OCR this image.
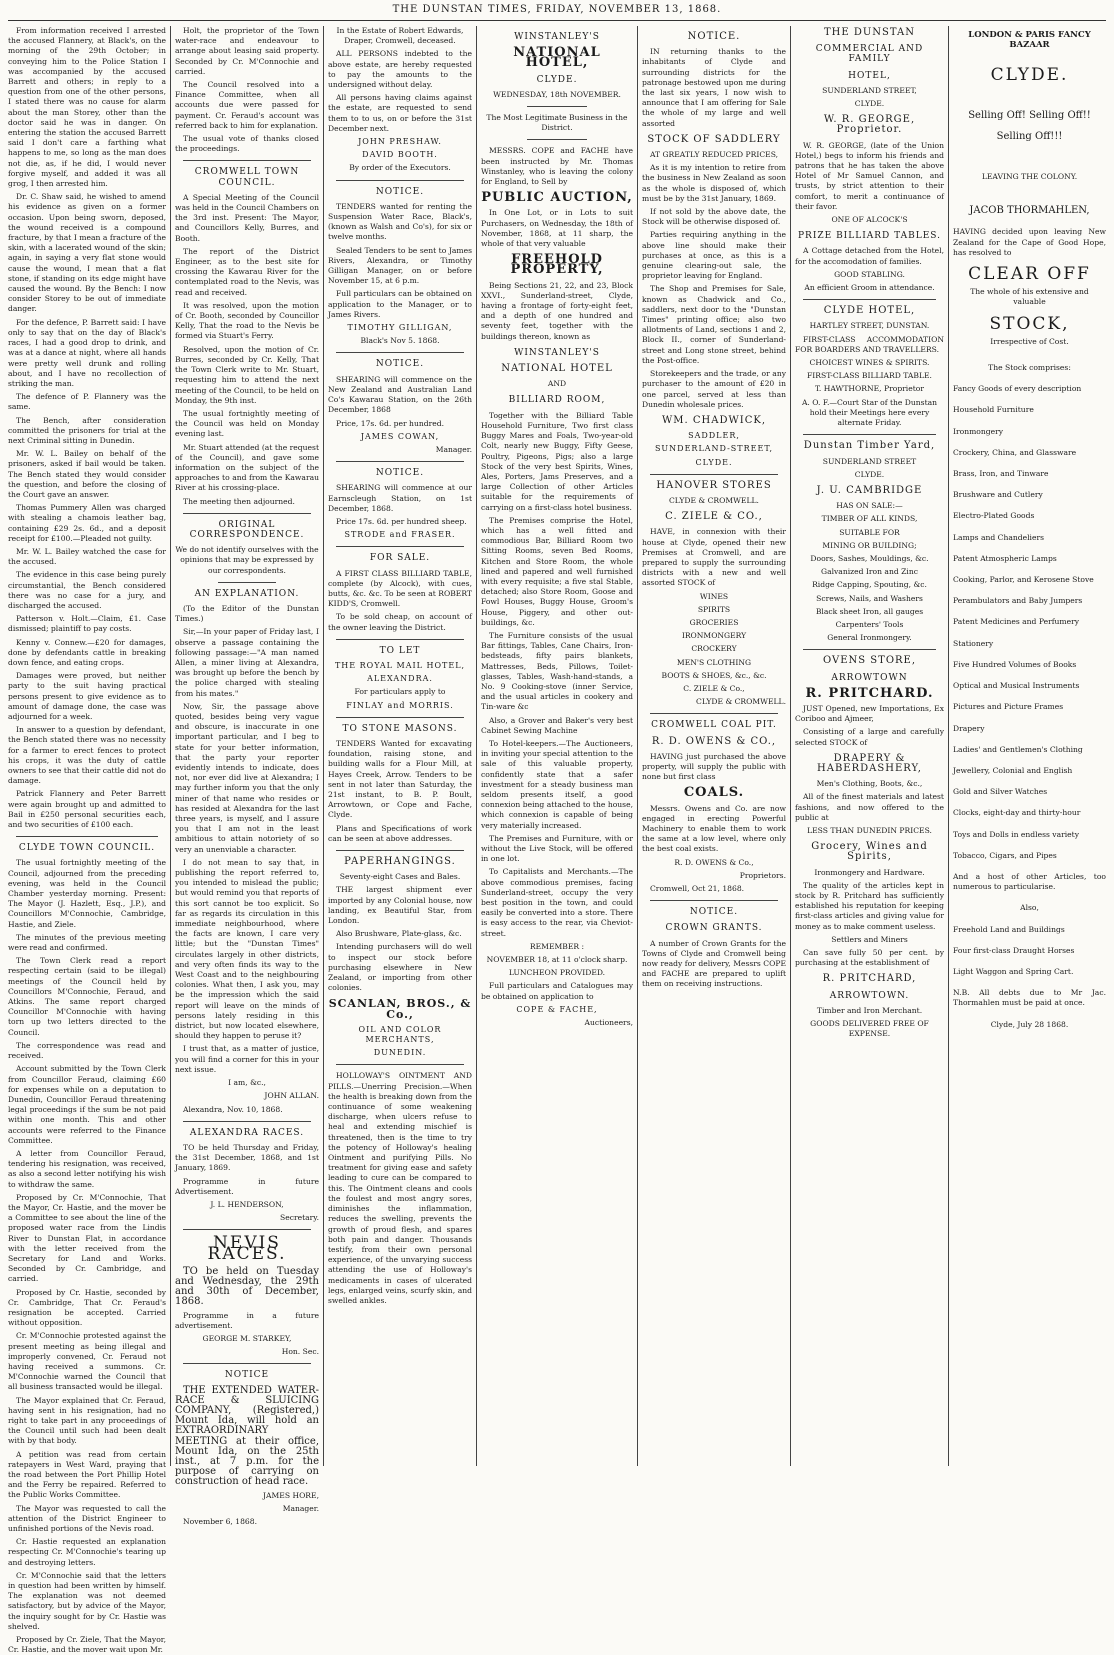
THE DUNSTAN TIMES, FRIDAY, NOVEMBER 13, 1868.

From information received I arrested the accused Flannery, at Black's, on the morning of the 29th October; in conveying him to the Police Station I was accompanied by the accused Barrett and others; in reply to a question from one of the other persons, I stated there was no cause for alarm about the man Storey, other than the doctor said he was in danger. On entering the station the accused Barrett said I don't care a farthing what happens to me, so long as the man does not die, as, if he did, I would never forgive myself, and added it was all grog, I then arrested him.

Dr. C. Shaw said, he wished to amend his evidence as given on a former occasion. Upon being sworn, deposed, the wound received is a compound fracture, by that I mean a fracture of the skin, with a lacerated wound of the skin; again, in saying a very flat stone would cause the wound, I mean that a flat stone, if standing on its edge might have caused the wound. By the Bench: I now consider Storey to be out of immediate danger.

For the defence, P. Barrett said: I have only to say that on the day of Black's races, I had a good drop to drink, and was at a dance at night, where all hands were pretty well drunk and rolling about, and I have no recollection of striking the man.

The defence of P. Flannery was the same.

The Bench, after consideration committed the prisoners for trial at the next Criminal sitting in Dunedin.

Mr. W. L. Bailey on behalf of the prisoners, asked if bail would be taken. The Bench stated they would consider the question, and before the closing of the Court gave an answer.

Thomas Pummery Allen was charged with stealing a chamois leather bag, containing £29 2s. 6d., and a deposit receipt for £100.—Pleaded not guilty.

Mr. W. L. Bailey watched the case for the accused.

The evidence in this case being purely circumstantial, the Bench considered there was no case for a jury, and discharged the accused.

Patterson v. Holt.—Claim, £1. Case dismissed; plaintiff to pay costs.

Kenny v. Connew.—£20 for damages, done by defendants cattle in breaking down fence, and eating crops.

Damages were proved, but neither party to the suit having practical persons present to give evidence as to amount of damage done, the case was adjourned for a week.

In answer to a question by defendant, the Bench stated there was no necessity for a farmer to erect fences to protect his crops, it was the duty of cattle owners to see that their cattle did not do damage.

Patrick Flannery and Peter Barrett were again brought up and admitted to Bail in £250 personal securities each, and two securities of £100 each.

CLYDE TOWN COUNCIL.

The usual fortnightly meeting of the Council, adjourned from the preceding evening, was held in the Council Chamber yesterday morning. Present: The Mayor (J. Hazlett, Esq., J.P.), and Councillors M'Connochie, Cambridge, Hastie, and Ziele.

The minutes of the previous meeting were read and confirmed.

The Town Clerk read a report respecting certain (said to be illegal) meetings of the Council held by Councillors M'Connochie, Feraud, and Atkins. The same report charged Councillor M'Connochie with having torn up two letters directed to the Council.

The correspondence was read and received.

Account submitted by the Town Clerk from Councillor Feraud, claiming £60 for expenses while on a deputation to Dunedin, Councillor Feraud threatening legal proceedings if the sum be not paid within one month. This and other accounts were referred to the Finance Committee.

A letter from Councillor Feraud, tendering his resignation, was received, as also a second letter notifying his wish to withdraw the same.

Proposed by Cr. M'Connochie, That the Mayor, Cr. Hastie, and the mover be a Committee to see about the line of the proposed water race from the Lindis River to Dunstan Flat, in accordance with the letter received from the Secretary for Land and Works. Seconded by Cr. Cambridge, and carried.

Proposed by Cr. Hastie, seconded by Cr. Cambridge, That Cr. Feraud's resignation be accepted. Carried without opposition.

Cr. M'Connochie protested against the present meeting as being illegal and improperly convened, Cr. Feraud not having received a summons. Cr. M'Connochie warned the Council that all business transacted would be illegal.

The Mayor explained that Cr. Feraud, having sent in his resignation, had no right to take part in any proceedings of the Council until such had been dealt with by that body.

A petition was read from certain ratepayers in West Ward, praying that the road between the Port Phillip Hotel and the Ferry be repaired. Referred to the Public Works Committee.

The Mayor was requested to call the attention of the District Engineer to unfinished portions of the Nevis road.

Cr. Hastie requested an explanation respecting Cr. M'Connochie's tearing up and destroying letters.

Cr. M'Connochie said that the letters in question had been written by himself. The explanation was not deemed satisfactory, but by advice of the Mayor, the inquiry sought for by Cr. Hastie was shelved.

Proposed by Cr. Ziele, That the Mayor, Cr. Hastie, and the mover wait upon Mr.

Holt, the proprietor of the Town water-race and endeavour to arrange about leasing said property. Seconded by Cr. M'Connochie and carried.

The Council resolved into a Finance Committee, when all accounts due were passed for payment. Cr. Feraud's account was referred back to him for explanation.

The usual vote of thanks closed the proceedings.

CROMWELL TOWN COUNCIL.

A Special Meeting of the Council was held in the Council Chambers on the 3rd inst. Present: The Mayor, and Councillors Kelly, Burres, and Booth.

The report of the District Engineer, as to the best site for crossing the Kawarau River for the contemplated road to the Nevis, was read and received.

It was resolved, upon the motion of Cr. Booth, seconded by Councillor Kelly, That the road to the Nevis be formed via Stuart's Ferry.

Resolved, upon the motion of Cr. Burres, seconded by Cr. Kelly, That the Town Clerk write to Mr. Stuart, requesting him to attend the next meeting of the Council, to be held on Monday, the 9th inst.

The usual fortnightly meeting of the Council was held on Monday evening last.

Mr. Stuart attended (at the request of the Council), and gave some information on the subject of the approaches to and from the Kawarau River at his crossing-place.

The meeting then adjourned.

ORIGINAL CORRESPONDENCE.

We do not identify ourselves with the opinions that may be expressed by our correspondents.

AN EXPLANATION.

(To the Editor of the Dunstan Times.)

Sir,—In your paper of Friday last, I observe a passage containing the following passage:—"A man named Allen, a miner living at Alexandra, was brought up before the bench by the police charged with stealing from his mates."

Now, Sir, the passage above quoted, besides being very vague and obscure, is inaccurate in one important particular, and I beg to state for your better information, that the party your reporter evidently intends to indicate, does not, nor ever did live at Alexandra; I may further inform you that the only miner of that name who resides or has resided at Alexandra for the last three years, is myself, and I assure you that I am not in the least ambitious to attain notoriety of so very an unenviable a character.

I do not mean to say that, in publishing the report referred to, you intended to mislead the public; but would remind you that reports of this sort cannot be too explicit. So far as regards its circulation in this immediate neighbourhood, where the facts are known, I care very little; but the "Dunstan Times" circulates largely in other districts, and very often finds its way to the West Coast and to the neighbouring colonies. What then, I ask you, may be the impression which the said report will leave on the minds of persons lately residing in this district, but now located elsewhere, should they happen to peruse it?

I trust that, as a matter of justice, you will find a corner for this in your next issue.

I am, &c.,

JOHN ALLAN.

Alexandra, Nov. 10, 1868.

ALEXANDRA RACES.

TO be held Thursday and Friday, the 31st December, 1868, and 1st January, 1869.

Programme in future Advertisement.

J. L. HENDERSON,

Secretary.

NEVIS RACES.

TO be held on Tuesday and Wednesday, the 29th and 30th of December, 1868.

Programme in a future advertisement.

GEORGE M. STARKEY,

Hon. Sec.

NOTICE

THE EXTENDED WATER-RACE & SLUICING COMPANY, (Registered,) Mount Ida, will hold an EXTRAORDINARY MEETING at their office, Mount Ida, on the 25th inst., at 7 p.m. for the purpose of carrying on construction of head race.

JAMES HORE,

Manager.

November 6, 1868.

In the Estate of Robert Edwards, Draper, Cromwell, deceased.

ALL PERSONS indebted to the above estate, are hereby requested to pay the amounts to the undersigned without delay.

All persons having claims against the estate, are requested to send them to to us, on or before the 31st December next.

JOHN PRESHAW.

DAVID BOOTH.

By order of the Executors.

NOTICE.

TENDERS wanted for renting the Suspension Water Race, Black's, (known as Walsh and Co's), for six or twelve months.

Sealed Tenders to be sent to James Rivers, Alexandra, or Timothy Gilligan Manager, on or before November 15, at 6 p.m.

Full particulars can be obtained on application to the Manager, or to James Rivers.

TIMOTHY GILLIGAN,

Black's Nov 5. 1868.

NOTICE.

SHEARING will commence on the New Zealand and Australian Land Co's Kawarau Station, on the 26th December, 1868

Price, 17s. 6d. per hundred.

JAMES COWAN,

Manager.

NOTICE.

SHEARING will commence at our Earnscleugh Station, on 1st December, 1868.

Price 17s. 6d. per hundred sheep.

STRODE and FRASER.

FOR SALE.

A FIRST CLASS BILLIARD TABLE, complete (by Alcock), with cues, butts, &c. &c. To be seen at ROBERT KIDD'S, Cromwell.

To be sold cheap, on account of the owner leaving the District.

TO LET

THE ROYAL MAIL HOTEL,

ALEXANDRA.

For particulars apply to

FINLAY and MORRIS.

TO STONE MASONS.

TENDERS Wanted for excavating foundation, raising stone, and building walls for a Flour Mill, at Hayes Creek, Arrow. Tenders to be sent in not later than Saturday, the 21st instant, to B. P. Boult, Arrowtown, or Cope and Fache, Clyde.

Plans and Specifications of work can be seen at above addresses.

PAPERHANGINGS.

Seventy-eight Cases and Bales.

THE largest shipment ever imported by any Colonial house, now landing, ex Beautiful Star, from London.

Also Brushware, Plate-glass, &c.

Intending purchasers will do well to inspect our stock before purchasing elsewhere in New Zealand, or importing from other colonies.

SCANLAN, BROS., & Co.,

OIL AND COLOR MERCHANTS,

DUNEDIN.

HOLLOWAY'S OINTMENT AND PILLS.—Unerring Precision.—When the health is breaking down from the continuance of some weakening discharge, when ulcers refuse to heal and extending mischief is threatened, then is the time to try the potency of Holloway's healing Ointment and purifying Pills. No treatment for giving ease and safety leading to cure can be compared to this. The Ointment cleans and cools the foulest and most angry sores, diminishes the inflammation, reduces the swelling, prevents the growth of proud flesh, and spares both pain and danger. Thousands testify, from their own personal experience, of the unvarying success attending the use of Holloway's medicaments in cases of ulcerated legs, enlarged veins, scurfy skin, and swelled ankles.

WINSTANLEY'S

NATIONAL HOTEL,

CLYDE.

WEDNESDAY, 18th NOVEMBER.

The Most Legitimate Business in the District.

MESSRS. COPE and FACHE have been instructed by Mr. Thomas Winstanley, who is leaving the colony for England, to Sell by

PUBLIC AUCTION,

In One Lot, or in Lots to suit Purchasers, on Wednesday, the 18th of November, 1868, at 11 sharp, the whole of that very valuable

FREEHOLD PROPERTY,

Being Sections 21, 22, and 23, Block XXVI., Sunderland-street, Clyde, having a frontage of forty-eight feet, and a depth of one hundred and seventy feet, together with the buildings thereon, known as

WINSTANLEY'S

NATIONAL HOTEL

AND

BILLIARD ROOM,

Together with the Billiard Table Household Furniture, Two first class Buggy Mares and Foals, Two-year-old Colt, nearly new Buggy, Fifty Geese, Poultry, Pigeons, Pigs; also a large Stock of the very best Spirits, Wines, Ales, Porters, Jams Preserves, and a large Collection of other Articles suitable for the requirements of carrying on a first-class hotel business.

The Premises comprise the Hotel, which has a well fitted and commodious Bar, Billiard Room two Sitting Rooms, seven Bed Rooms, Kitchen and Store Room, the whole lined and papered and well furnished with every requisite; a five stal Stable, detached; also Store Room, Goose and Fowl Houses, Buggy House, Groom's House, Piggery, and other out-buildings, &c.

The Furniture consists of the usual Bar fittings, Tables, Cane Chairs, Iron-bedsteads, fifty pairs blankets, Mattresses, Beds, Pillows, Toilet-glasses, Tables, Wash-hand-stands, a No. 9 Cooking-stove (inner Service, and the usual articles in cookery and Tin-ware &c

Also, a Grover and Baker's very best Cabinet Sewing Machine

To Hotel-keepers.—The Auctioneers, in inviting your special attention to the sale of this valuable property, confidently state that a safer investment for a steady business man seldom presents itself, a good connexion being attached to the house, which connexion is capable of being very materially increased.

The Premises and Furniture, with or without the Live Stock, will be offered in one lot.

To Capitalists and Merchants.—The above commodious premises, facing Sunderland-street, occupy the very best position in the town, and could easily be converted into a store. There is easy access to the rear, via Cheviot-street.

REMEMBER :

NOVEMBER 18, at 11 o'clock sharp.

LUNCHEON PROVIDED.

Full particulars and Catalogues may be obtained on application to

COPE & FACHE,

Auctioneers,

NOTICE.

IN returning thanks to the inhabitants of Clyde and surrounding districts for the patronage bestowed upon me during the last six years, I now wish to announce that I am offering for Sale the whole of my large and well assorted

STOCK OF SADDLERY

AT GREATLY REDUCED PRICES,

As it is my intention to retire from the business in New Zealand as soon as the whole is disposed of, which must be by the 31st January, 1869.

If not sold by the above date, the Stock will be otherwise disposed of.

Parties requiring anything in the above line should make their purchases at once, as this is a genuine clearing-out sale, the proprietor leaving for England.

The Shop and Premises for Sale, known as Chadwick and Co., saddlers, next door to the "Dunstan Times" printing office; also two allotments of Land, sections 1 and 2, Block II., corner of Sunderland-street and Long stone street, behind the Post-office.

Storekeepers and the trade, or any purchaser to the amount of £20 in one parcel, served at less than Dunedin wholesale prices.

WM. CHADWICK,

SADDLER,

SUNDERLAND-STREET,

CLYDE.

HANOVER STORES

CLYDE & CROMWELL.

C. ZIELE & CO.,

HAVE, in connexion with their house at Clyde, opened their new Premises at Cromwell, and are prepared to supply the surrounding districts with a new and well assorted STOCK of

WINES

SPIRITS

GROCERIES

IRONMONGERY

CROCKERY

MEN'S CLOTHING

BOOTS & SHOES, &c., &c.

C. ZIELE & Co.,

CLYDE & CROMWELL.

CROMWELL COAL PIT.

R. D. OWENS & CO.,

HAVING just purchased the above property, will supply the public with none but first class

COALS.

Messrs. Owens and Co. are now engaged in erecting Powerful Machinery to enable them to work the same at a low level, where only the best coal exists.

R. D. OWENS & Co.,

Proprietors.

Cromwell, Oct 21, 1868.

NOTICE.

CROWN GRANTS.

A number of Crown Grants for the Towns of Clyde and Cromwell being now ready for delivery, Messrs COPE and FACHE are prepared to uplift them on receiving instructions.

THE DUNSTAN

COMMERCIAL AND FAMILY

HOTEL,

SUNDERLAND STREET,

CLYDE.

W. R. GEORGE, Proprietor.

W. R. GEORGE, (late of the Union Hotel,) begs to inform his friends and patrons that he has taken the above Hotel of Mr Samuel Cannon, and trusts, by strict attention to their comfort, to merit a continuance of their favor.

ONE OF ALCOCK'S

PRIZE BILLIARD TABLES.

A Cottage detached from the Hotel, for the accomodation of families.

GOOD STABLING.

An efficient Groom in attendance.

CLYDE HOTEL,

HARTLEY STREET, DUNSTAN.

FIRST-CLASS ACCOMMODATION FOR BOARDERS AND TRAVELLERS.

CHOICEST WINES & SPIRITS.

FIRST-CLASS BILLIARD TABLE.

T. HAWTHORNE, Proprietor

A. O. F.—Court Star of the Dunstan hold their Meetings here every alternate Friday.

Dunstan Timber Yard,

SUNDERLAND STREET

CLYDE.

J. U. CAMBRIDGE

HAS ON SALE:—

TIMBER OF ALL KINDS,

SUITABLE FOR

MINING OR BUILDING;

Doors, Sashes, Mouldings, &c.

Galvanized Iron and Zinc

Ridge Capping, Spouting, &c.

Screws, Nails, and Washers

Black sheet Iron, all gauges

Carpenters' Tools

General Ironmongery.

OVENS STORE,

ARROWTOWN

R. PRITCHARD.

JUST Opened, new Importations, Ex Coriboo and Ajmeer,

Consisting of a large and carefully selected STOCK of

DRAPERY & HABERDASHERY,

Men's Clothing, Boots, &c.,

All of the finest materials and latest fashions, and now offered to the public at

LESS THAN DUNEDIN PRICES.

Grocery, Wines and Spirits,

Ironmongery and Hardware.

The quality of the articles kept in stock by R. Pritchard has sufficiently established his reputation for keeping first-class articles and giving value for money as to make comment useless.

Settlers and Miners

Can save fully 50 per cent. by purchasing at the establishment of

R. PRITCHARD,

ARROWTOWN.

Timber and Iron Merchant.

GOODS DELIVERED FREE OF EXPENSE.

LONDON & PARIS FANCY BAZAAR

CLYDE.

Selling Off! Selling Off!!

Selling Off!!!

LEAVING THE COLONY.

JACOB THORMAHLEN,

HAVING decided upon leaving New Zealand for the Cape of Good Hope, has resolved to

CLEAR OFF

The whole of his extensive and valuable

STOCK,

Irrespective of Cost.

The Stock comprises:

Fancy Goods of every description

Household Furniture

Ironmongery

Crockery, China, and Glassware

Brass, Iron, and Tinware

Brushware and Cutlery

Electro-Plated Goods

Lamps and Chandeliers

Patent Atmospheric Lamps

Cooking, Parlor, and Kerosene Stove

Perambulators and Baby Jumpers

Patent Medicines and Perfumery

Stationery

Five Hundred Volumes of Books

Optical and Musical Instruments

Pictures and Picture Frames

Drapery

Ladies' and Gentlemen's Clothing

Jewellery, Colonial and English

Gold and Silver Watches

Clocks, eight-day and thirty-hour

Toys and Dolls in endless variety

Tobacco, Cigars, and Pipes

And a host of other Articles, too numerous to particularise.

Also,

Freehold Land and Buildings

Four first-class Draught Horses

Light Waggon and Spring Cart.

N.B. All debts due to Mr Jac. Thormahlen must be paid at once.

Clyde, July 28 1868.
